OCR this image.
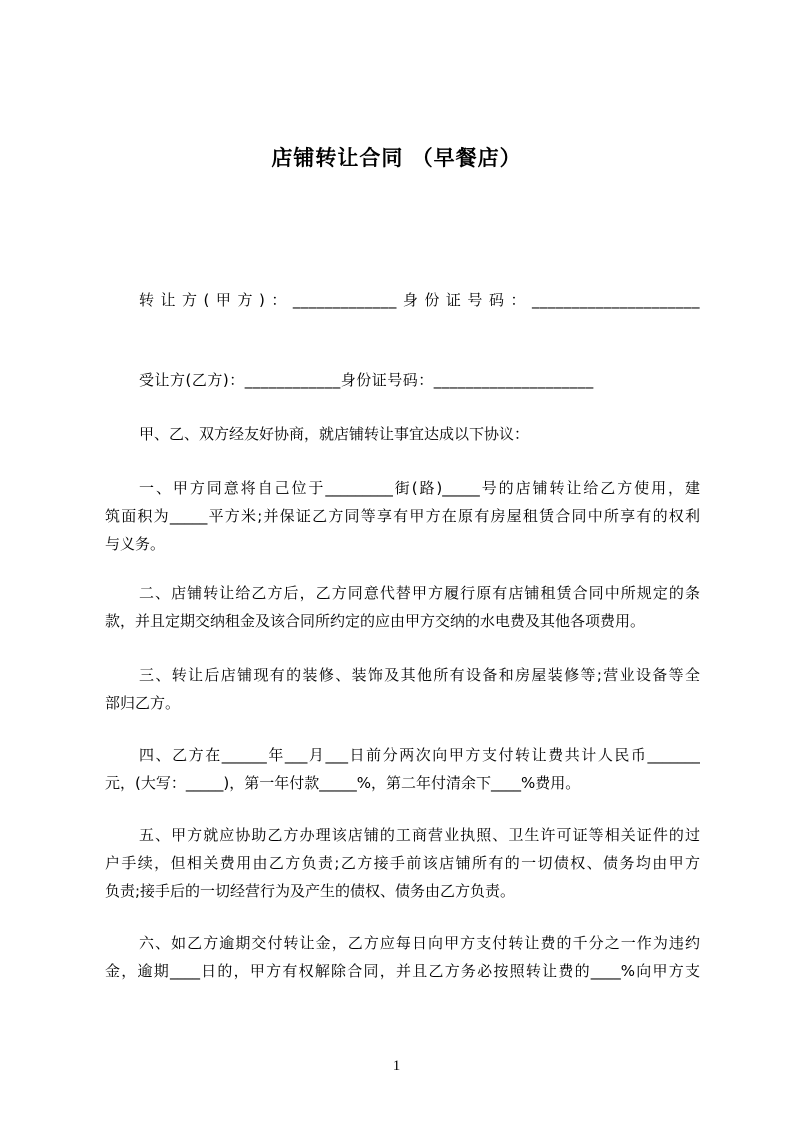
店铺转让合同 （早餐店）
转让方(甲方)：_____________身份证号码：_____________________
受让方(乙方)：____________身份证号码：____________________
甲、乙、双方经友好协商，就店铺转让事宜达成以下协议：
一、甲方同意将自己位于_________街(路)_____号的店铺转让给乙方使用，建
筑面积为_____平方米;并保证乙方同等享有甲方在原有房屋租赁合同中所享有的权利
与义务。
二、店铺转让给乙方后，乙方同意代替甲方履行原有店铺租赁合同中所规定的条
款，并且定期交纳租金及该合同所约定的应由甲方交纳的水电费及其他各项费用。
三、转让后店铺现有的装修、装饰及其他所有设备和房屋装修等;营业设备等全
部归乙方。
四、乙方在______年___月___日前分两次向甲方支付转让费共计人民币_______
元，(大写：_____)，第一年付款_____%，第二年付清余下____%费用。
五、甲方就应协助乙方办理该店铺的工商营业执照、卫生许可证等相关证件的过
户手续，但相关费用由乙方负责;乙方接手前该店铺所有的一切债权、债务均由甲方
负责;接手后的一切经营行为及产生的债权、债务由乙方负责。
六、如乙方逾期交付转让金，乙方应每日向甲方支付转让费的千分之一作为违约
金，逾期____日的，甲方有权解除合同，并且乙方务必按照转让费的____%向甲方支
1
